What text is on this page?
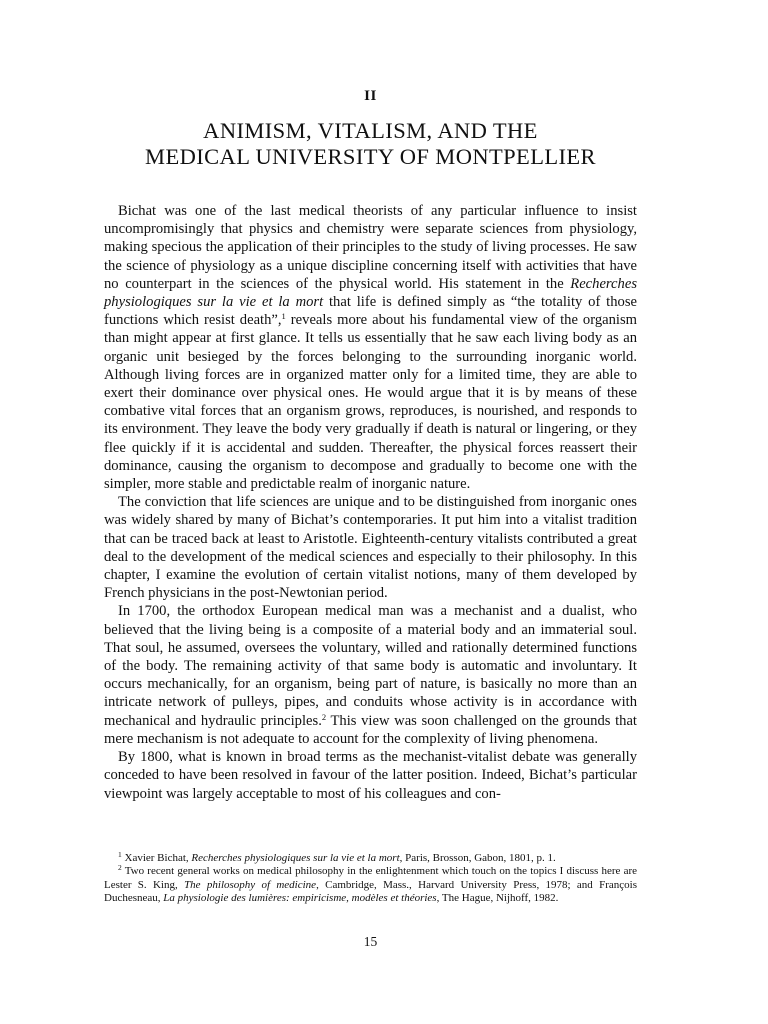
II
ANIMISM, VITALISM, AND THE
MEDICAL UNIVERSITY OF MONTPELLIER

Bichat was one of the last medical theorists of any particular influence to insist uncompromisingly that physics and chemistry were separate sciences from physiology, making specious the application of their principles to the study of living processes. He saw the science of physiology as a unique discipline concerning itself with activities that have no counterpart in the sciences of the physical world. His statement in the Recherches physiologiques sur la vie et la mort that life is defined simply as “the totality of those functions which resist death”,$^1$ reveals more about his fundamental view of the organism than might appear at first glance. It tells us essentially that he saw each living body as an organic unit besieged by the forces belonging to the surrounding inorganic world. Although living forces are in organized matter only for a limited time, they are able to exert their dominance over physical ones. He would argue that it is by means of these combative vital forces that an organism grows, reproduces, is nourished, and responds to its environment. They leave the body very gradually if death is natural or lingering, or they flee quickly if it is accidental and sudden. Thereafter, the physical forces reassert their dominance, causing the organism to decompose and gradually to become one with the simpler, more stable and predictable realm of inorganic nature.

The conviction that life sciences are unique and to be distinguished from inorganic ones was widely shared by many of Bichat’s contemporaries. It put him into a vitalist tradition that can be traced back at least to Aristotle. Eighteenth-century vitalists contributed a great deal to the development of the medical sciences and especially to their philosophy. In this chapter, I examine the evolution of certain vitalist notions, many of them developed by French physicians in the post-Newtonian period.

In 1700, the orthodox European medical man was a mechanist and a dualist, who believed that the living being is a composite of a material body and an immaterial soul. That soul, he assumed, oversees the voluntary, willed and rationally determined functions of the body. The remaining activity of that same body is automatic and involuntary. It occurs mechanically, for an organism, being part of nature, is basically no more than an intricate network of pulleys, pipes, and conduits whose activity is in accordance with mechanical and hydraulic principles.$^2$ This view was soon challenged on the grounds that mere mechanism is not adequate to account for the complexity of living phenomena.

By 1800, what is known in broad terms as the mechanist-vitalist debate was generally conceded to have been resolved in favour of the latter position. Indeed, Bichat’s particular viewpoint was largely acceptable to most of his colleagues and con-

$^1$ Xavier Bichat, Recherches physiologiques sur la vie et la mort, Paris, Brosson, Gabon, 1801, p. 1.

$^2$ Two recent general works on medical philosophy in the enlightenment which touch on the topics I discuss here are Lester S. King, The philosophy of medicine, Cambridge, Mass., Harvard University Press, 1978; and François Duchesneau, La physiologie des lumières: empiricisme, modèles et théories, The Hague, Nijhoff, 1982.

15
